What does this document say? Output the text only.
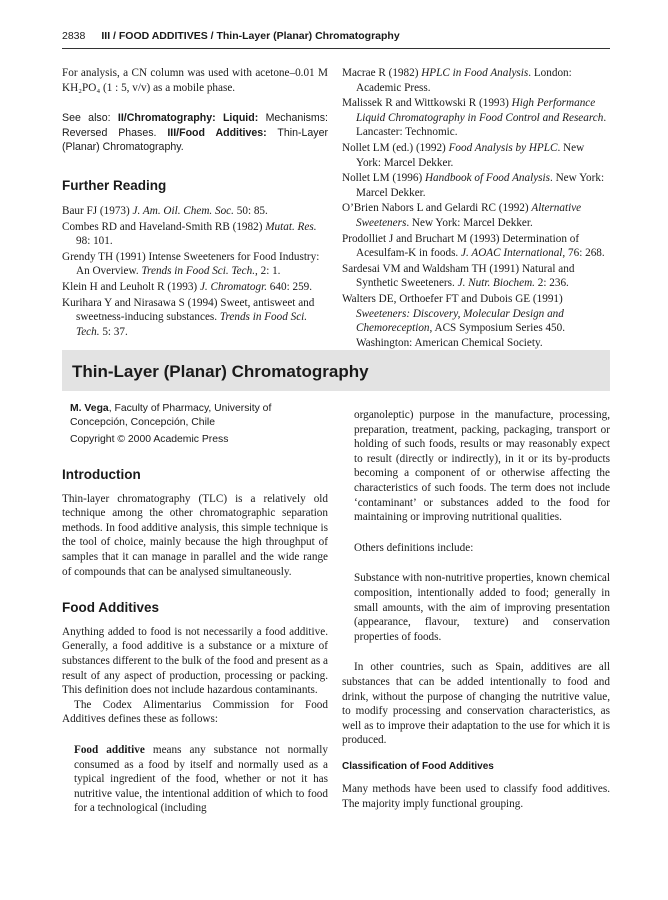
2838 III / FOOD ADDITIVES / Thin-Layer (Planar) Chromatography

For analysis, a CN column was used with acetone–0.01 M KH₂PO₄ (1 : 5, v/v) as a mobile phase.

See also: II/Chromatography: Liquid: Mechanisms: Reversed Phases. III/Food Additives: Thin-Layer (Planar) Chromatography.

Further Reading

Baur FJ (1973) J. Am. Oil. Chem. Soc. 50: 85.

Combes RD and Haveland-Smith RB (1982) Mutat. Res. 98: 101.

Grendy TH (1991) Intense Sweeteners for Food Industry: An Overview. Trends in Food Sci. Tech., 2: 1.

Klein H and Leuholt R (1993) J. Chromatogr. 640: 259.

Kurihara Y and Nirasawa S (1994) Sweet, antisweet and sweetness-inducing substances. Trends in Food Sci. Tech. 5: 37.

Macrae R (1982) HPLC in Food Analysis. London: Academic Press.

Malissek R and Wittkowski R (1993) High Performance Liquid Chromatography in Food Control and Research. Lancaster: Technomic.

Nollet LM (ed.) (1992) Food Analysis by HPLC. New York: Marcel Dekker.

Nollet LM (1996) Handbook of Food Analysis. New York: Marcel Dekker.

O’Brien Nabors L and Gelardi RC (1992) Alternative Sweeteners. New York: Marcel Dekker.

Prodolliet J and Bruchart M (1993) Determination of Acesulfam-K in foods. J. AOAC International, 76: 268.

Sardesai VM and Waldsham TH (1991) Natural and Synthetic Sweeteners. J. Nutr. Biochem. 2: 236.

Walters DE, Orthoefer FT and Dubois GE (1991) Sweeteners: Discovery, Molecular Design and Chemoreception, ACS Symposium Series 450. Washington: American Chemical Society.

Thin-Layer (Planar) Chromatography
M. Vega, Faculty of Pharmacy, University of Concepción, Concepción, Chile
Copyright © 2000 Academic Press
Introduction

Thin-layer chromatography (TLC) is a relatively old technique among the other chromatographic separation methods. In food additive analysis, this simple technique is the tool of choice, mainly because the high throughput of samples that it can manage in parallel and the wide range of compounds that can be analysed simultaneously.

Food Additives

Anything added to food is not necessarily a food additive. Generally, a food additive is a substance or a mixture of substances different to the bulk of the food and present as a result of any aspect of production, processing or packing. This definition does not include hazardous contaminants.

The Codex Alimentarius Commission for Food Additives defines these as follows:

Food additive means any substance not normally consumed as a food by itself and normally used as a typical ingredient of the food, whether or not it has nutritive value, the intentional addition of which to food for a technological (including

organoleptic) purpose in the manufacture, processing, preparation, treatment, packing, packaging, transport or holding of such foods, results or may reasonably expect to result (directly or indirectly), in it or its by-products becoming a component of or otherwise affecting the characteristics of such foods. The term does not include ‘contaminant’ or substances added to the food for maintaining or improving nutritional qualities.

Others definitions include:

Substance with non-nutritive properties, known chemical composition, intentionally added to food; generally in small amounts, with the aim of improving presentation (appearance, flavour, texture) and conservation properties of foods.

In other countries, such as Spain, additives are all substances that can be added intentionally to food and drink, without the purpose of changing the nutritive value, to modify processing and conservation characteristics, as well as to improve their adaptation to the use for which it is produced.

Classification of Food Additives

Many methods have been used to classify food additives. The majority imply functional grouping.
